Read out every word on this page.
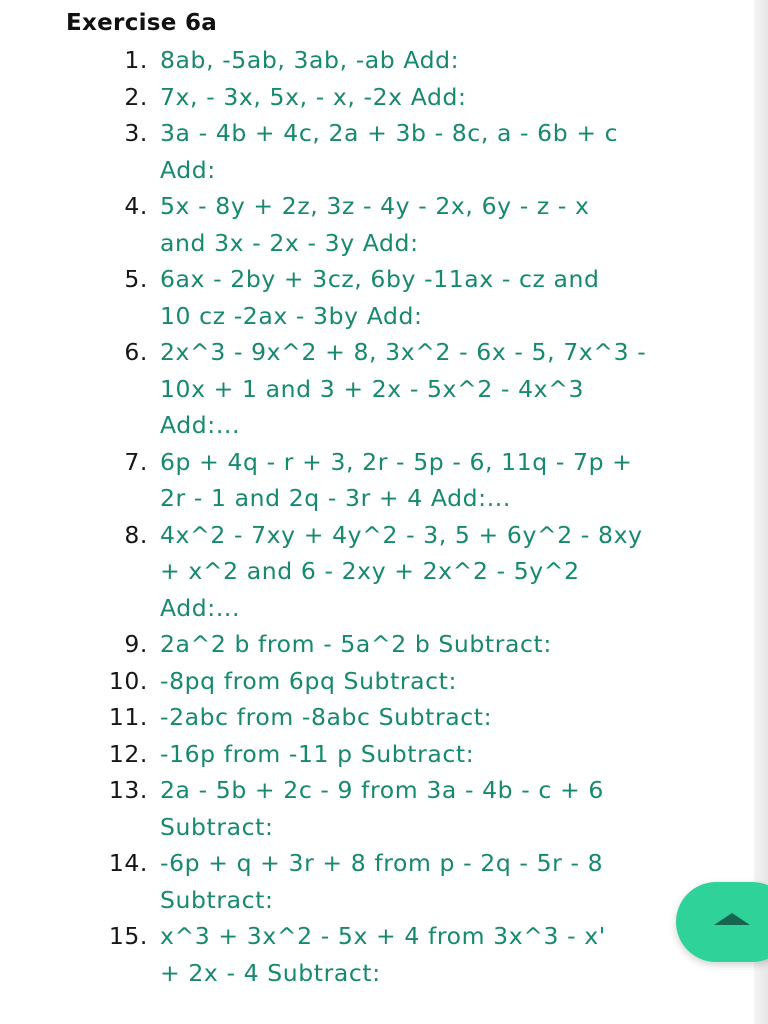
Exercise 6a
1. 8ab, -5ab, 3ab, -ab Add:
2. 7x, - 3x, 5x, - x, -2x Add:
3. 3a - 4b + 4c, 2a + 3b - 8c, a - 6b + c
Add:
4. 5x - 8y + 2z, 3z - 4y - 2x, 6y - z - x
and 3x - 2x - 3y Add:
5. 6ax - 2by + 3cz, 6by -11ax - cz and
10 cz -2ax - 3by Add:
6. 2x^3 - 9x^2 + 8, 3x^2 - 6x - 5, 7x^3 -
10x + 1 and 3 + 2x - 5x^2 - 4x^3
Add:...
7. 6p + 4q - r + 3, 2r - 5p - 6, 11q - 7p +
2r - 1 and 2q - 3r + 4 Add:...
8. 4x^2 - 7xy + 4y^2 - 3, 5 + 6y^2 - 8xy
+ x^2 and 6 - 2xy + 2x^2 - 5y^2
Add:...
9. 2a^2 b from - 5a^2 b Subtract:
10. -8pq from 6pq Subtract:
11. -2abc from -8abc Subtract:
12. -16p from -11 p Subtract:
13. 2a - 5b + 2c - 9 from 3a - 4b - c + 6
Subtract:
14. -6p + q + 3r + 8 from p - 2q - 5r - 8
Subtract:
15. x^3 + 3x^2 - 5x + 4 from 3x^3 - x'
+ 2x - 4 Subtract:
